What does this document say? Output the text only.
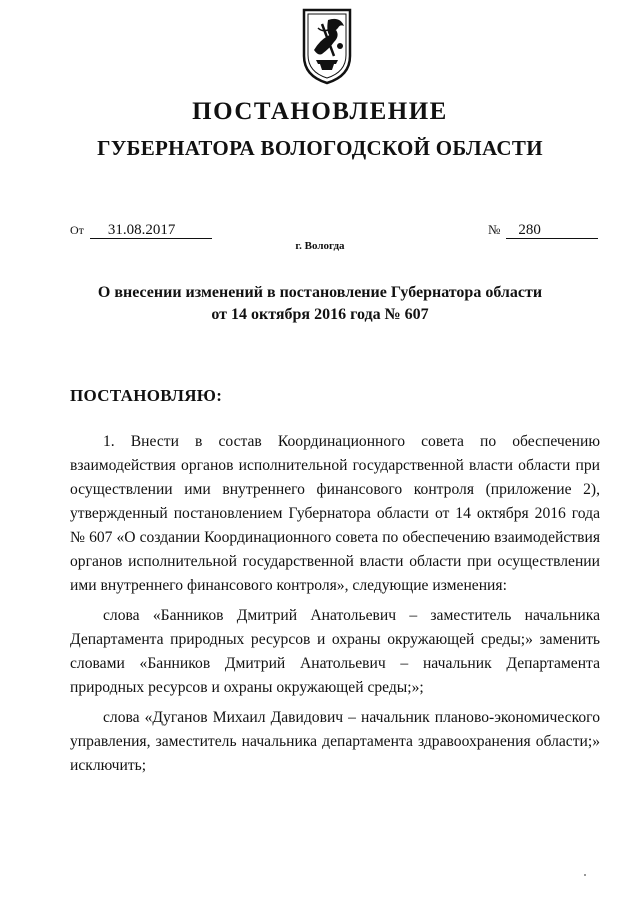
ПОСТАНОВЛЕНИЕ
ГУБЕРНАТОРА ВОЛОГОДСКОЙ ОБЛАСТИ
От 31.08.2017	№ 280
г. Вологда
О внесении изменений в постановление Губернатора области
от 14 октября 2016 года № 607
ПОСТАНОВЛЯЮ:

1. Внести в состав Координационного совета по обеспечению взаимодействия органов исполнительной государственной власти области при осуществлении ими внутреннего финансового контроля (приложение 2), утвержденный постановлением Губернатора области от 14 октября 2016 года № 607 «О создании Координационного совета по обеспечению взаимодействия органов исполнительной государственной власти области при осуществлении ими внутреннего финансового контроля», следующие изменения:

слова «Банников Дмитрий Анатольевич – заместитель начальника Департамента природных ресурсов и охраны окружающей среды;» заменить словами «Банников Дмитрий Анатольевич – начальник Департамента природных ресурсов и охраны окружающей среды;»;

слова «Дуганов Михаил Давидович – начальник планово-экономического управления, заместитель начальника департамента здравоохранения области;» исключить;
